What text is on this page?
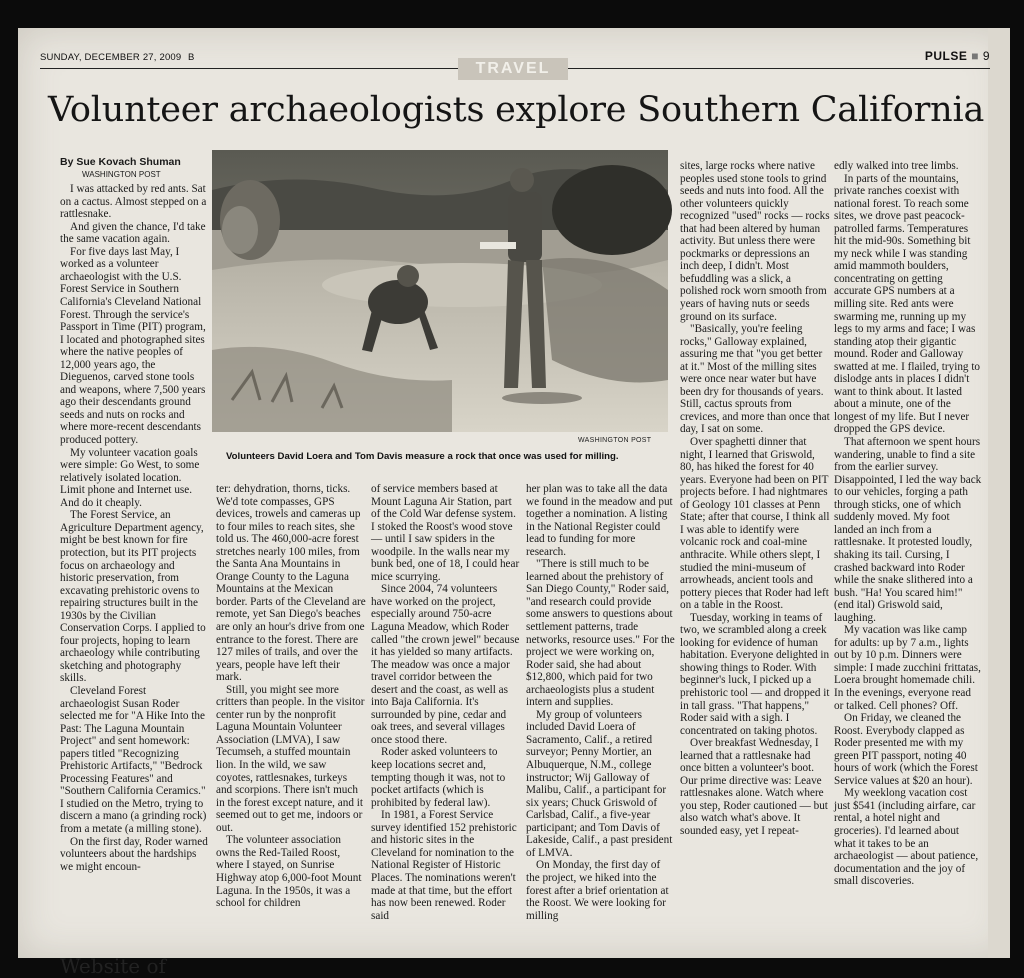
SUNDAY, DECEMBER 27, 2009 B	PULSE ■ 9
TRAVEL
Volunteer archaeologists explore Southern California
By Sue Kovach Shuman
WASHINGTON POST

I was attacked by red ants. Sat on a cactus. Almost stepped on a rattlesnake.

And given the chance, I'd take the same vacation again.

For five days last May, I worked as a volunteer archaeologist with the U.S. Forest Service in Southern California's Cleveland National Forest. Through the service's Passport in Time (PIT) program, I located and photographed sites where the native peoples of 12,000 years ago, the Dieguenos, carved stone tools and weapons, where 7,500 years ago their descendants ground seeds and nuts on rocks and where more-recent descendants produced pottery.

My volunteer vacation goals were simple: Go West, to some relatively isolated location. Limit phone and Internet use. And do it cheaply.

The Forest Service, an Agriculture Department agency, might be best known for fire protection, but its PIT projects focus on archaeology and historic preservation, from excavating prehistoric ovens to repairing structures built in the 1930s by the Civilian Conservation Corps. I applied to four projects, hoping to learn archaeology while contributing sketching and photography skills.

Cleveland Forest archaeologist Susan Roder selected me for "A Hike Into the Past: The Laguna Mountain Project" and sent homework: papers titled "Recognizing Prehistoric Artifacts," "Bedrock Processing Features" and "Southern California Ceramics." I studied on the Metro, trying to discern a mano (a grinding rock) from a metate (a milling stone).

On the first day, Roder warned volunteers about the hardships we might encoun-

WASHINGTON POST
Volunteers David Loera and Tom Davis measure a rock that once was used for milling.

ter: dehydration, thorns, ticks. We'd tote compasses, GPS devices, trowels and cameras up to four miles to reach sites, she told us. The 460,000-acre forest stretches nearly 100 miles, from the Santa Ana Mountains in Orange County to the Laguna Mountains at the Mexican border. Parts of the Cleveland are remote, yet San Diego's beaches are only an hour's drive from one entrance to the forest. There are 127 miles of trails, and over the years, people have left their mark.

Still, you might see more critters than people. In the visitor center run by the nonprofit Laguna Mountain Volunteer Association (LMVA), I saw Tecumseh, a stuffed mountain lion. In the wild, we saw coyotes, rattlesnakes, turkeys and scorpions. There isn't much in the forest except nature, and it seemed out to get me, indoors or out.

The volunteer association owns the Red-Tailed Roost, where I stayed, on Sunrise Highway atop 6,000-foot Mount Laguna. In the 1950s, it was a school for children

of service members based at Mount Laguna Air Station, part of the Cold War defense system. I stoked the Roost's wood stove — until I saw spiders in the woodpile. In the walls near my bunk bed, one of 18, I could hear mice scurrying.

Since 2004, 74 volunteers have worked on the project, especially around 750-acre Laguna Meadow, which Roder called "the crown jewel" because it has yielded so many artifacts. The meadow was once a major travel corridor between the desert and the coast, as well as into Baja California. It's surrounded by pine, cedar and oak trees, and several villages once stood there.

Roder asked volunteers to keep locations secret and, tempting though it was, not to pocket artifacts (which is prohibited by federal law).

In 1981, a Forest Service survey identified 152 prehistoric and historic sites in the Cleveland for nomination to the National Register of Historic Places. The nominations weren't made at that time, but the effort has now been renewed. Roder said

her plan was to take all the data we found in the meadow and put together a nomination. A listing in the National Register could lead to funding for more research.

"There is still much to be learned about the prehistory of San Diego County," Roder said, "and research could provide some answers to questions about settlement patterns, trade networks, resource uses." For the project we were working on, Roder said, she had about $12,800, which paid for two archaeologists plus a student intern and supplies.

My group of volunteers included David Loera of Sacramento, Calif., a retired surveyor; Penny Mortier, an Albuquerque, N.M., college instructor; Wij Galloway of Malibu, Calif., a participant for six years; Chuck Griswold of Carlsbad, Calif., a five-year participant; and Tom Davis of Lakeside, Calif., a past president of LMVA.

On Monday, the first day of the project, we hiked into the forest after a brief orientation at the Roost. We were looking for milling

sites, large rocks where native peoples used stone tools to grind seeds and nuts into food. All the other volunteers quickly recognized "used" rocks — rocks that had been altered by human activity. But unless there were pockmarks or depressions an inch deep, I didn't. Most befuddling was a slick, a polished rock worn smooth from years of having nuts or seeds ground on its surface.

"Basically, you're feeling rocks," Galloway explained, assuring me that "you get better at it." Most of the milling sites were once near water but have been dry for thousands of years. Still, cactus sprouts from crevices, and more than once that day, I sat on some.

Over spaghetti dinner that night, I learned that Griswold, 80, has hiked the forest for 40 years. Everyone had been on PIT projects before. I had nightmares of Geology 101 classes at Penn State; after that course, I think all I was able to identify were volcanic rock and coal-mine anthracite. While others slept, I studied the mini-museum of arrowheads, ancient tools and pottery pieces that Roder had left on a table in the Roost.

Tuesday, working in teams of two, we scrambled along a creek looking for evidence of human habitation. Everyone delighted in showing things to Roder. With beginner's luck, I picked up a prehistoric tool — and dropped it in tall grass. "That happens," Roder said with a sigh. I concentrated on taking photos.

Over breakfast Wednesday, I learned that a rattlesnake had once bitten a volunteer's boot. Our prime directive was: Leave rattlesnakes alone. Watch where you step, Roder cautioned — but also watch what's above. It sounded easy, yet I repeat-

edly walked into tree limbs.

In parts of the mountains, private ranches coexist with national forest. To reach some sites, we drove past peacock-patrolled farms. Temperatures hit the mid-90s. Something bit my neck while I was standing amid mammoth boulders, concentrating on getting accurate GPS numbers at a milling site. Red ants were swarming me, running up my legs to my arms and face; I was standing atop their gigantic mound. Roder and Galloway swatted at me. I flailed, trying to dislodge ants in places I didn't want to think about. It lasted about a minute, one of the longest of my life. But I never dropped the GPS device.

That afternoon we spent hours wandering, unable to find a site from the earlier survey. Disappointed, I led the way back to our vehicles, forging a path through sticks, one of which suddenly moved. My foot landed an inch from a rattlesnake. It protested loudly, shaking its tail. Cursing, I crashed backward into Roder while the snake slithered into a bush. "Ha! You scared him!" (end ital) Griswold said, laughing.

My vacation was like camp for adults: up by 7 a.m., lights out by 10 p.m. Dinners were simple: I made zucchini frittatas, Loera brought homemade chili. In the evenings, everyone read or talked. Cell phones? Off.

On Friday, we cleaned the Roost. Everybody clapped as Roder presented me with my green PIT passport, noting 40 hours of work (which the Forest Service values at $20 an hour).

My weeklong vacation cost just $541 (including airfare, car rental, a hotel night and groceries). I'd learned about what it takes to be an archaeologist — about patience, documentation and the joy of small discoveries.

Website of
